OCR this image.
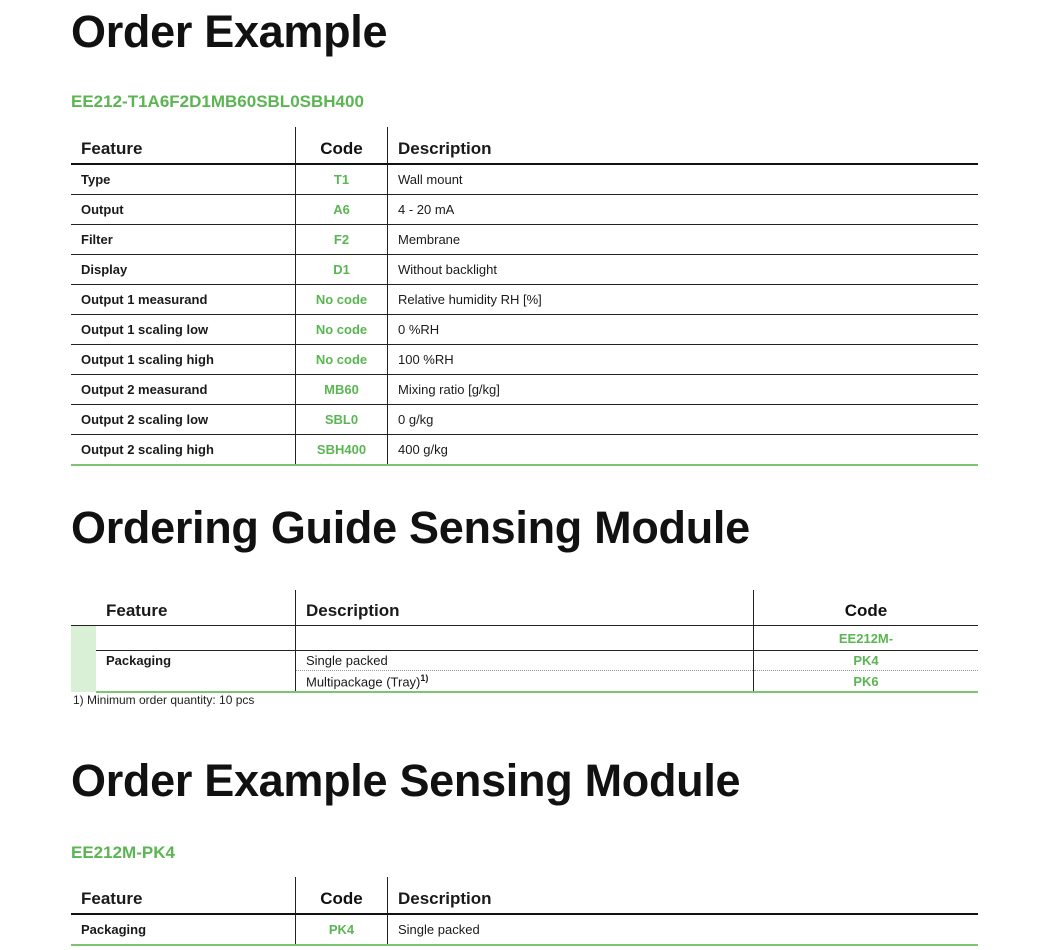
Order Example
EE212-T1A6F2D1MB60SBL0SBH400
Feature	Code	Description
Type	T1	Wall mount
Output	A6	4 - 20 mA
Filter	F2	Membrane
Display	D1	Without backlight
Output 1 measurand	No code	Relative humidity RH [%]
Output 1 scaling low	No code	0 %RH
Output 1 scaling high	No code	100 %RH
Output 2 measurand	MB60	Mixing ratio [g/kg]
Output 2 scaling low	SBL0	0 g/kg
Output 2 scaling high	SBH400	400 g/kg
Ordering Guide Sensing Module
	Feature	Description	Code
			EE212M-
	Packaging	Single packed	PK4
		Multipackage (Tray)$^{1)}$	PK6
1) Minimum order quantity: 10 pcs
Order Example Sensing Module
EE212M-PK4
Feature	Code	Description
Packaging	PK4	Single packed
